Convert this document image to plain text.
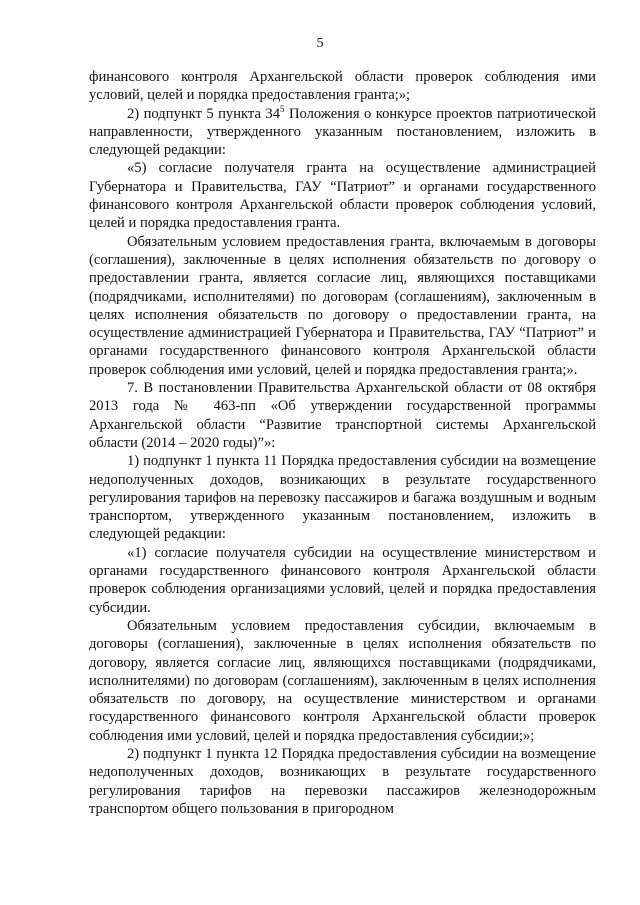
5

финансового контроля Архангельской области проверок соблюдения ими условий, целей и порядка предоставления гранта;»;

2) подпункт 5 пункта $34^5$ Положения о конкурсе проектов патриотической направленности, утвержденного указанным постановлением, изложить в следующей редакции:

«5) согласие получателя гранта на осуществление администрацией Губернатора и Правительства, ГАУ “Патриот” и органами государственного финансового контроля Архангельской области проверок соблюдения условий, целей и порядка предоставления гранта.

Обязательным условием предоставления гранта, включаемым в договоры (соглашения), заключенные в целях исполнения обязательств по договору о предоставлении гранта, является согласие лиц, являющихся поставщиками (подрядчиками, исполнителями) по договорам (соглашениям), заключенным в целях исполнения обязательств по договору о предоставлении гранта, на осуществление администрацией Губернатора и Правительства, ГАУ “Патриот” и органами государственного финансового контроля Архангельской области проверок соблюдения ими условий, целей и порядка предоставления гранта;».

7. В постановлении Правительства Архангельской области от 08 октября 2013 года № 463-пп «Об утверждении государственной программы Архангельской области “Развитие транспортной системы Архангельской области (2014 – 2020 годы)”»:

1) подпункт 1 пункта 11 Порядка предоставления субсидии на возмещение недополученных доходов, возникающих в результате государственного регулирования тарифов на перевозку пассажиров и багажа воздушным и водным транспортом, утвержденного указанным постановлением, изложить в следующей редакции:

«1) согласие получателя субсидии на осуществление министерством и органами государственного финансового контроля Архангельской области проверок соблюдения организациями условий, целей и порядка предоставления субсидии.

Обязательным условием предоставления субсидии, включаемым в договоры (соглашения), заключенные в целях исполнения обязательств по договору, является согласие лиц, являющихся поставщиками (подрядчиками, исполнителями) по договорам (соглашениям), заключенным в целях исполнения обязательств по договору, на осуществление министерством и органами государственного финансового контроля Архангельской области проверок соблюдения ими условий, целей и порядка предоставления субсидии;»;

2) подпункт 1 пункта 12 Порядка предоставления субсидии на возмещение недополученных доходов, возникающих в результате государственного регулирования тарифов на перевозки пассажиров железнодорожным транспортом общего пользования в пригородном
